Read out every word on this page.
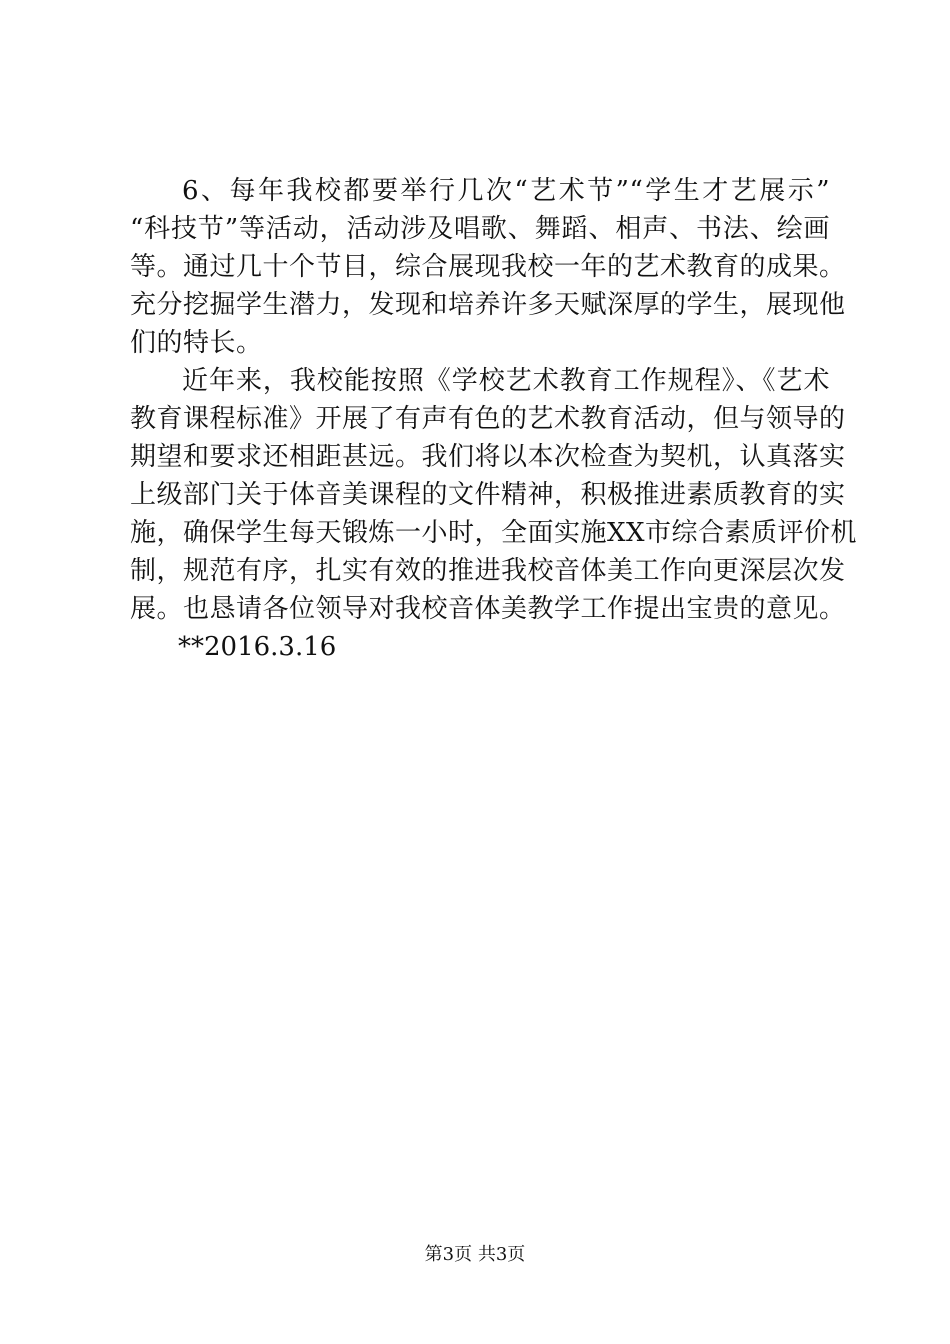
6、每年我校都要举行几次“艺术节”“学生才艺展示”
“科技节”等活动，活动涉及唱歌、舞蹈、相声、书法、绘画
等。通过几十个节目，综合展现我校一年的艺术教育的成果。
充分挖掘学生潜力，发现和培养许多天赋深厚的学生，展现他
们的特长。
近年来，我校能按照《学校艺术教育工作规程》、《艺术
教育课程标准》开展了有声有色的艺术教育活动，但与领导的
期望和要求还相距甚远。我们将以本次检查为契机，认真落实
上级部门关于体音美课程的文件精神，积极推进素质教育的实
施，确保学生每天锻炼一小时，全面实施XX市综合素质评价机
制，规范有序，扎实有效的推进我校音体美工作向更深层次发
展。也恳请各位领导对我校音体美教学工作提出宝贵的意见。
**2016.3.16
第3页 共3页
